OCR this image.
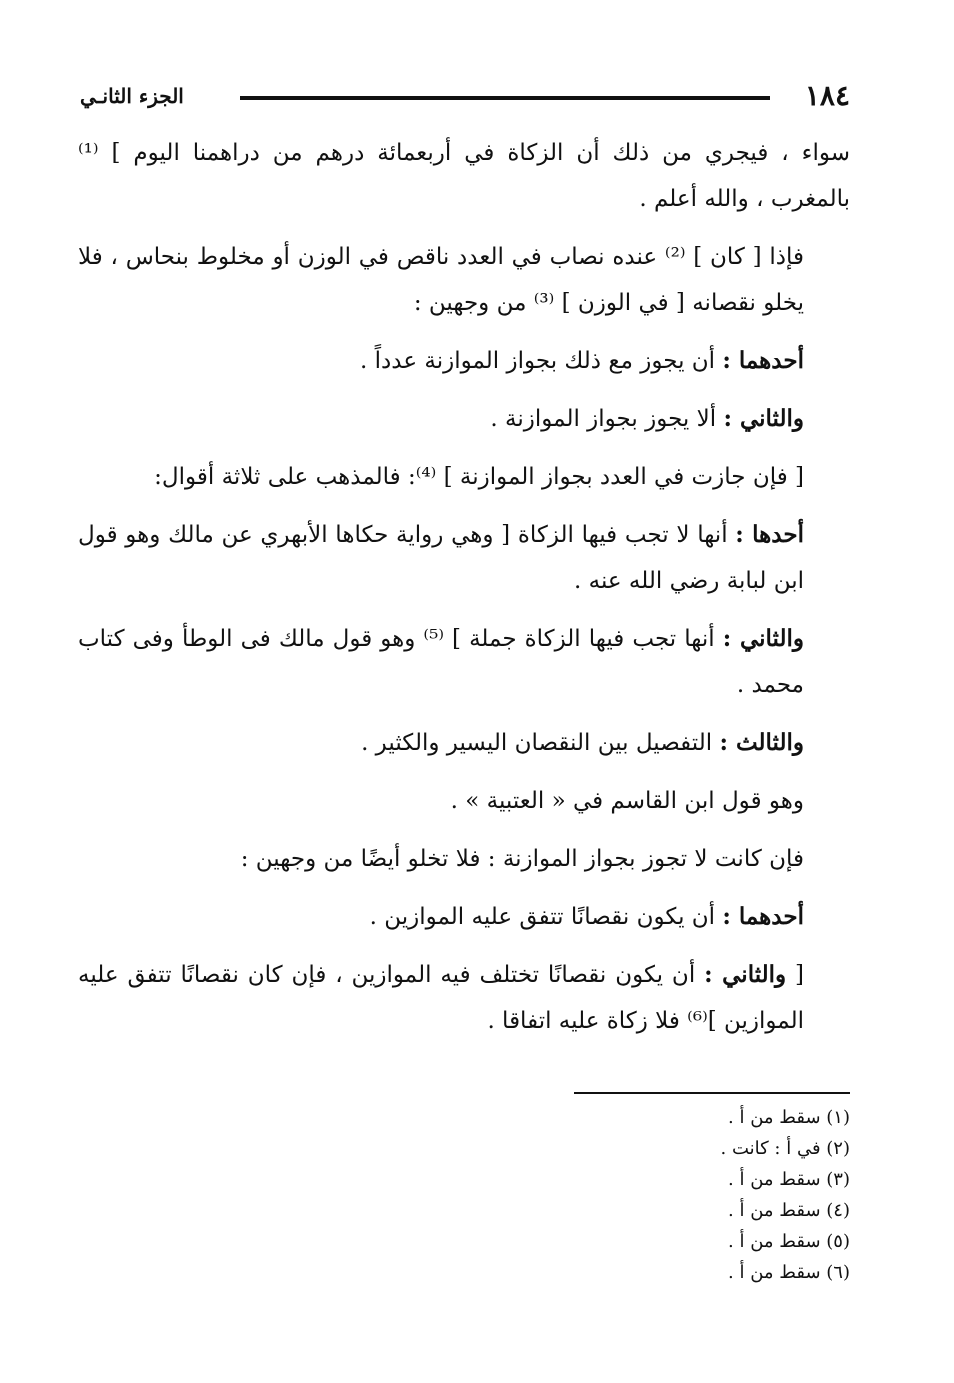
١٨٤
الجزء الثانـي

سواء ، فيجري من ذلك أن الزكاة في أربعمائة درهم من دراهمنا اليوم ] ⁽¹⁾ بالمغرب ، والله أعلم .

فإذا [ كان ] ⁽²⁾ عنده نصاب في العدد ناقص في الوزن أو مخلوط بنحاس ، فلا يخلو نقصانه [ في الوزن ] ⁽³⁾ من وجهين :

أحدهما : أن يجوز مع ذلك بجواز الموازنة عدداً .

والثاني : ألا يجوز بجواز الموازنة .

[ فإن جازت في العدد بجواز الموازنة ] ⁽⁴⁾: فالمذهب على ثلاثة أقوال:

أحدها : أنها لا تجب فيها الزكاة [ وهي رواية حكاها الأبهري عن مالك وهو قول ابن لبابة رضي الله عنه .

والثاني : أنها تجب فيها الزكاة جملة ] ⁽⁵⁾ وهو قول مالك فى الوطأ وفى كتاب محمد .

والثالث : التفصيل بين النقصان اليسير والكثير .

وهو قول ابن القاسم في « العتبية » .

فإن كانت لا تجوز بجواز الموازنة : فلا تخلو أيضًا من وجهين :

أحدهما : أن يكون نقصانًا تتفق عليه الموازين .

[ والثاني : أن يكون نقصانًا تختلف فيه الموازين ، فإن كان نقصانًا تتفق عليه الموازين ]⁽⁶⁾ فلا زكاة عليه اتفاقا .

(١) سقط من أ .

(٢) في أ : كانت .

(٣) سقط من أ .

(٤) سقط من أ .

(٥) سقط من أ .

(٦) سقط من أ .
